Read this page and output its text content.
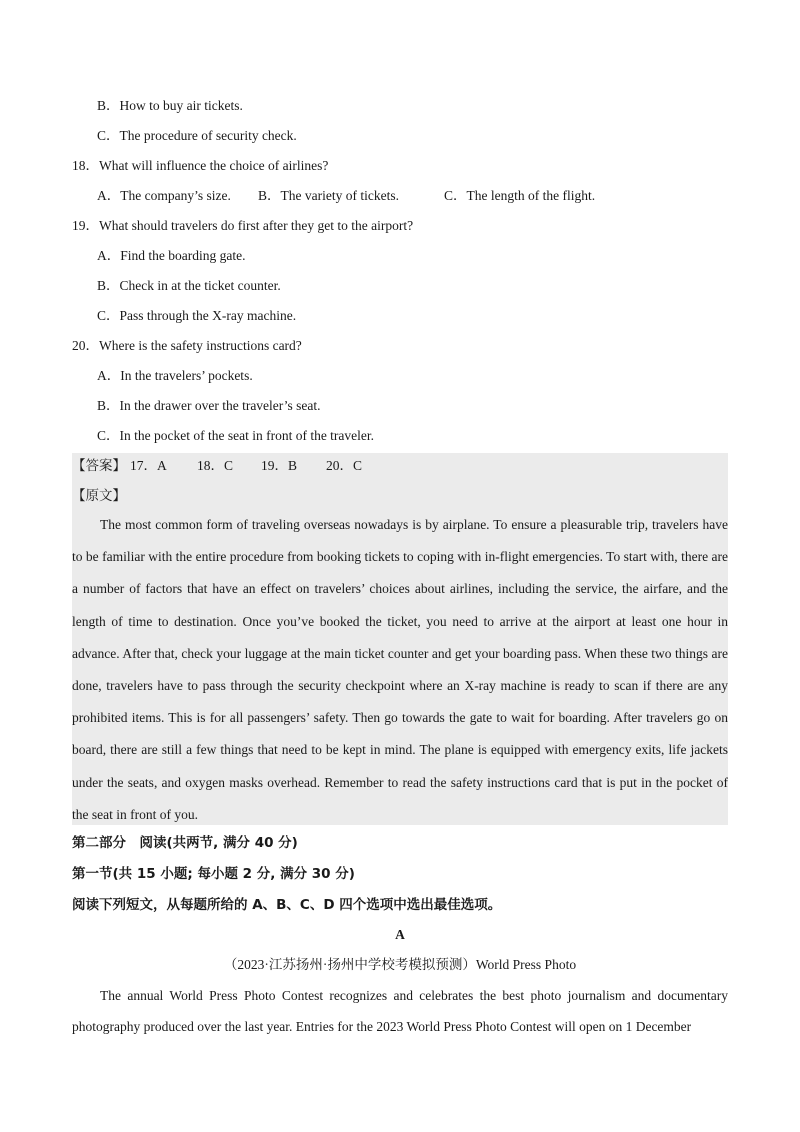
B．How to buy air tickets.
C．The procedure of security check.
18．What will influence the choice of airlines?
A．The company’s size. B．The variety of tickets.	C．The length of the flight.
19．What should travelers do first after they get to the airport?
A．Find the boarding gate.
B．Check in at the ticket counter.
C．Pass through the X-ray machine.
20．Where is the safety instructions card?
A．In the travelers’ pockets.
B．In the drawer over the traveler’s seat.
C．In the pocket of the seat in front of the traveler.
【答案】 17．A 18．C 19．B 20．C
【原文】
The most common form of traveling overseas nowadays is by airplane. To ensure a pleasurable trip, travelers have to be familiar with the entire procedure from booking tickets to coping with in-flight emergencies. To start with, there are a number of factors that have an effect on travelers’ choices about airlines, including the service, the airfare, and the length of time to destination. Once you’ve booked the ticket, you need to arrive at the airport at least one hour in advance. After that, check your luggage at the main ticket counter and get your boarding pass. When these two things are done, travelers have to pass through the security checkpoint where an X-ray machine is ready to scan if there are any prohibited items. This is for all passengers’ safety. Then go towards the gate to wait for boarding. After travelers go on board, there are still a few things that need to be kept in mind. The plane is equipped with emergency exits, life jackets under the seats, and oxygen masks overhead. Remember to read the safety instructions card that is put in the pocket of the seat in front of you.
第二部分　阅读(共两节, 满分 40 分)
第一节(共 15 小题; 每小题 2 分, 满分 30 分)
阅读下列短文，从每题所给的 A、B、C、D 四个选项中选出最佳选项。
A
（2023·江苏扬州·扬州中学校考模拟预测）World Press Photo
The annual World Press Photo Contest recognizes and celebrates the best photo journalism and documentary photography produced over the last year. Entries for the 2023 World Press Photo Contest will open on 1 December
